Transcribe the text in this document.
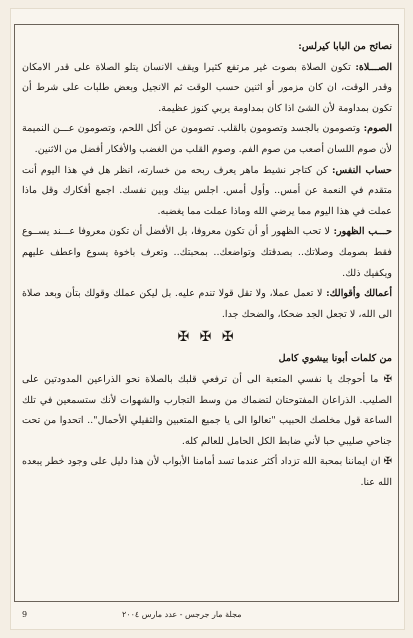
نصائح من البابا كيرلس:

الصـــلاة: تكون الصلاة بصوت غير مرتفع كثيرا ويقف الانسان يتلو الصلاة على قدر الامكان وقدر الوقت، ان كان مزمور أو اثنين حسب الوقت ثم الانجيل وبعض طلبات على شرط أن تكون بمداومة لأن الشئ اذا كان بمداومة يربي كنوز عظيمة.

الصوم: وتصومون بالجسد وتصومون بالقلب. تصومون عن أكل اللحم، وتصومون عـــن النميمة لأن صوم اللسان أصعب من صوم الفم. وصوم القلب من الغضب والأفكار أفضل من الاثنين.

حساب النفس: كن كتاجر نشيط ماهر يعرف ربحه من خسارته، انظر هل في هذا اليوم أنت متقدم في النعمة عن أمس.. وأول أمس. اجلس بينك وبين نفسك. اجمع أفكارك وقل ماذا عملت في هذا اليوم مما يرضي الله وماذا عملت مما يغضبه.

حـــب الظهور: لا تحب الظهور أو أن تكون معروفا، بل الأفضل أن تكون معروفا عـــند يســوع فقط بصومك وصلاتك.. بصدقتك وتواضعك.. بمحبتك.. وتعرف باخوة يسوع واعطف عليهم ويكفيك ذلك.

أعمالك وأقوالك: لا تعمل عملا، ولا تقل قولا تندم عليه. بل ليكن عملك وقولك بتأن وبعد صلاة الى الله، لا تجعل الجد ضحكا، والضحك جدا.

✠ ✠ ✠

من كلمات أبونا بيشوي كامل

✠ ما أحوجك يا نفسي المتعبة الى أن ترفعي قلبك بالصلاة نحو الذراعين المدودتين على الصليب. الذراعان المفتوحتان لتضماك من وسط التجارب والشهوات لأنك ستسمعين في تلك الساعة قول مخلصك الحبيب "تعالوا الى يا جميع المتعبين والثقيلي الأحمال".. اتحدوا من تحت جناحي صليبي حبا لأني ضابط الكل الحامل للعالم كله.

✠ ان ايماننا بمحبة الله تزداد أكثر عندما تسد أمامنا الأبواب لأن هذا دليل على وجود خطر يبعده الله عنا.

9	مجلة مار جرجس - عدد مارس ٢٠٠٤
